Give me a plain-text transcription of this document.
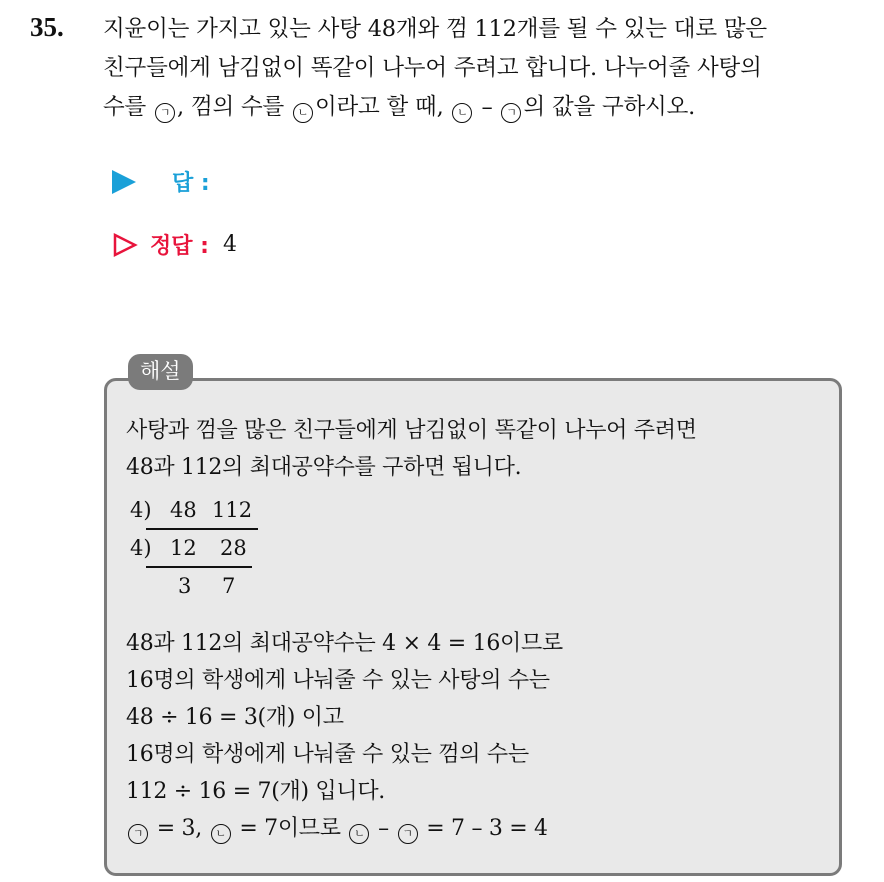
35. 지윤이는 가지고 있는 사탕 48개와 껌 112개를 될 수 있는 대로 많은
친구들에게 남김없이 똑같이 나누어 주려고 합니다. 나누어줄 사탕의
수를 ㄱ , 껌의 수를 ㄴ 이라고 할 때, ㄴ – ㄱ 의 값을 구하시오.
답 :
정답 : 4
해설
사탕과 껌을 많은 친구들에게 남김없이 똑같이 나누어 주려면
48과 112의 최대공약수를 구하면 됩니다.
4) 48 112
4) 12 28
3 7
48과 112의 최대공약수는 4 × 4 = 16이므로
16명의 학생에게 나눠줄 수 있는 사탕의 수는
48 ÷ 16 = 3(개) 이고
16명의 학생에게 나눠줄 수 있는 껌의 수는
112 ÷ 16 = 7(개) 입니다.
ㄱ = 3, ㄴ = 7이므로 ㄴ – ㄱ = 7 – 3 = 4
